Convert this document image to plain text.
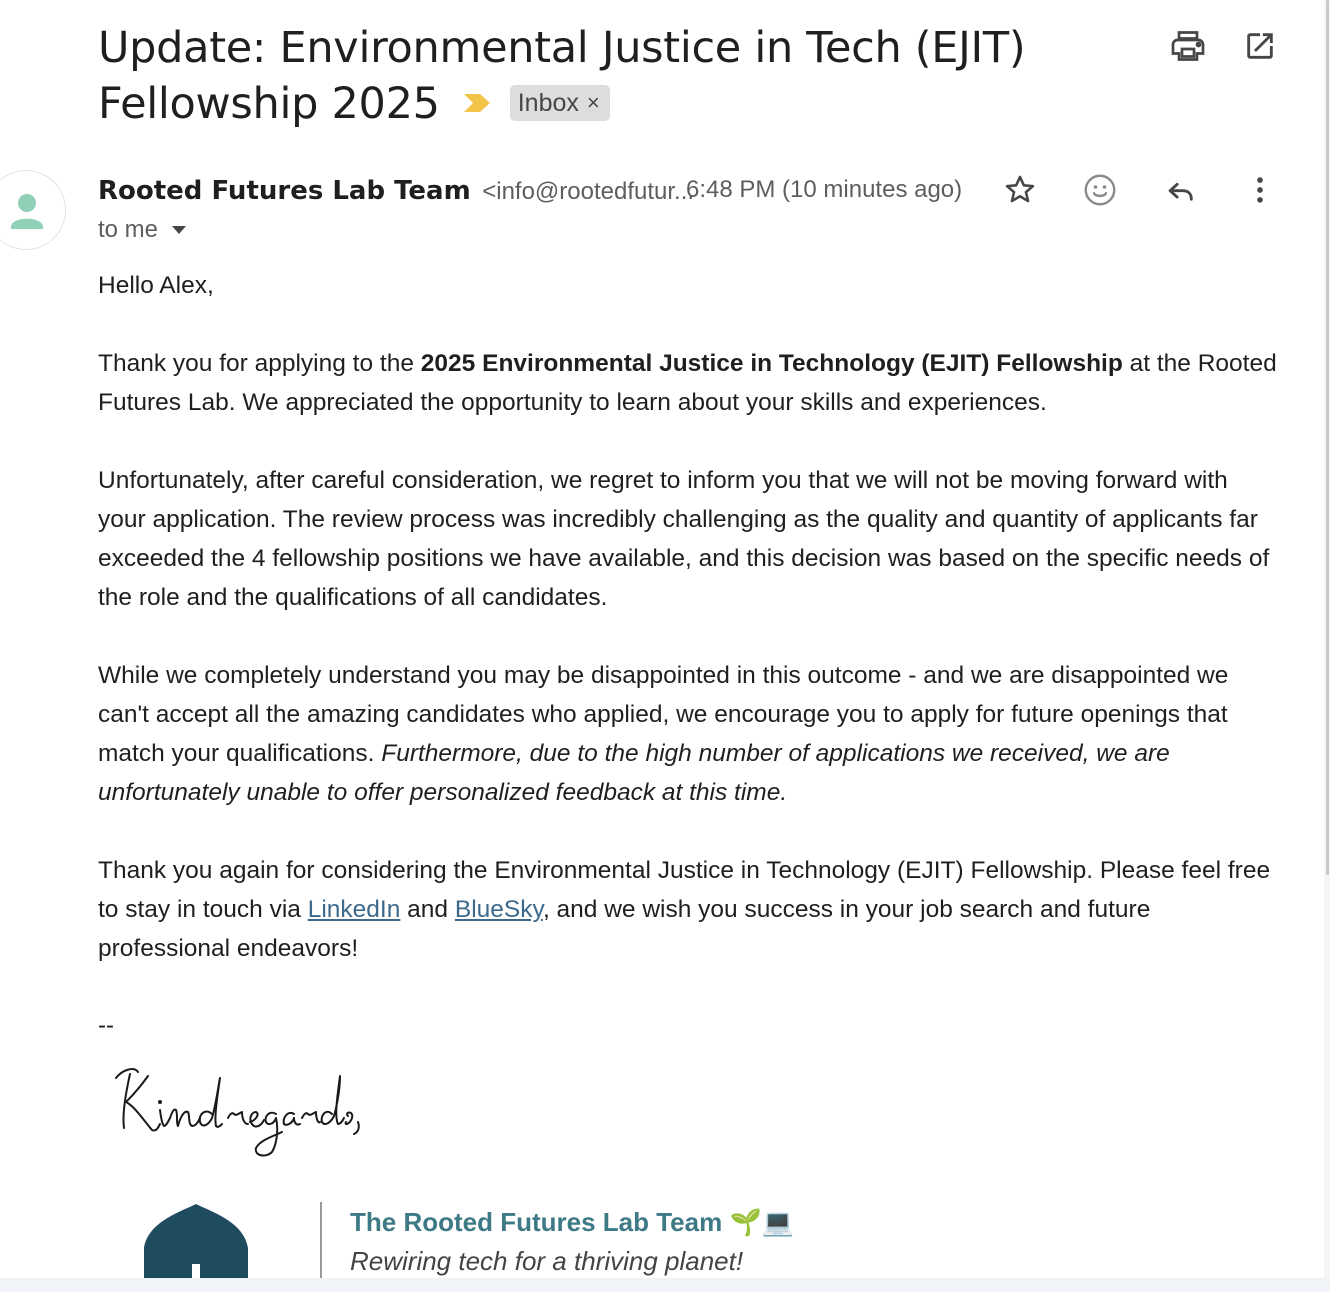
Update: Environmental Justice in Tech (EJIT) Fellowship 2025	Inbox ×
Rooted Futures Lab Team <info@rootedfutur...
6:48 PM (10 minutes ago)
to me

Hello Alex,

Thank you for applying to the 2025 Environmental Justice in Technology (EJIT) Fellowship at the Rooted Futures Lab. We appreciated the opportunity to learn about your skills and experiences.

Unfortunately, after careful consideration, we regret to inform you that we will not be moving forward with your application. The review process was incredibly challenging as the quality and quantity of applicants far exceeded the 4 fellowship positions we have available, and this decision was based on the specific needs of the role and the qualifications of all candidates.

While we completely understand you may be disappointed in this outcome - and we are disappointed we can't accept all the amazing candidates who applied, we encourage you to apply for future openings that match your qualifications. Furthermore, due to the high number of applications we received, we are unfortunately unable to offer personalized feedback at this time.

Thank you again for considering the Environmental Justice in Technology (EJIT) Fellowship. Please feel free to stay in touch via LinkedIn and BlueSky, and we wish you success in your job search and future professional endeavors!

--
The Rooted Futures Lab Team 🌱💻
Rewiring tech for a thriving planet!
